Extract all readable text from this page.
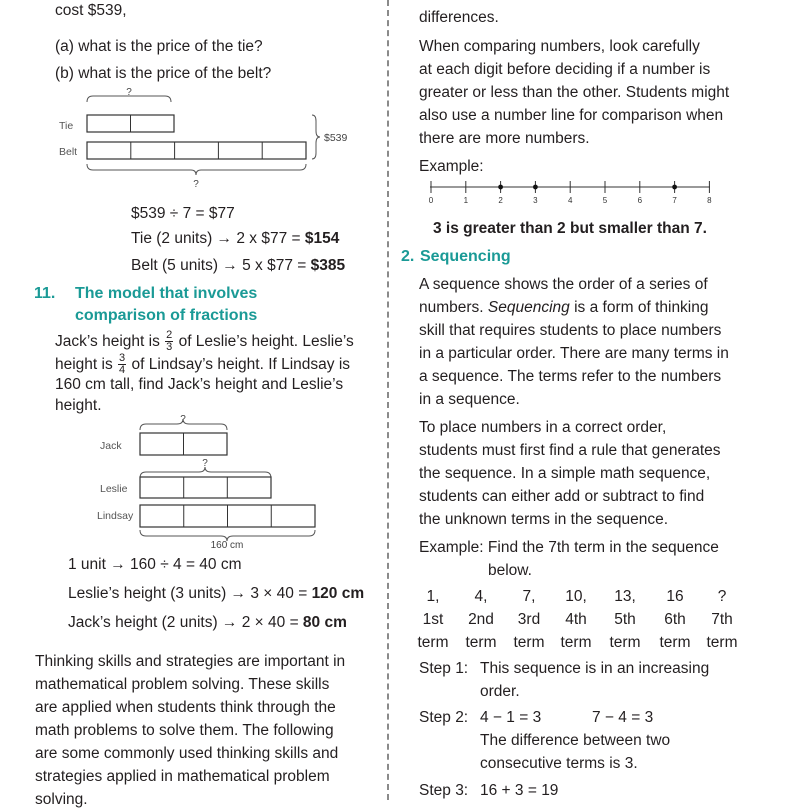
cost $539,
(a) what is the price of the tie?
(b) what is the price of the belt?
?
Tie
Belt
$539
?
$539 ÷ 7 = $77
Tie (2 units) → 2 x $77 = $154
Belt (5 units) → 5 x $77 = $385
11. The model that involves
comparison of fractions
Jack’s height is $\frac{2}{3}$ of Leslie’s height. Leslie’s
height is $\frac{3}{4}$ of Lindsay’s height. If Lindsay is
160 cm tall, find Jack’s height and Leslie’s
height.
?
Jack
?
Leslie
Lindsay
160 cm
1 unit → 160 ÷ 4 = 40 cm
Leslie’s height (3 units) → 3 × 40 = 120 cm
Jack’s height (2 units) → 2 × 40 = 80 cm
Thinking skills and strategies are important in
mathematical problem solving. These skills
are applied when students think through the
math problems to solve them. The following
are some commonly used thinking skills and
strategies applied in mathematical problem
solving.
differences.
When comparing numbers, look carefully
at each digit before deciding if a number is
greater or less than the other. Students might
also use a number line for comparison when
there are more numbers.
Example:
0	1	2	3	4	5	6	7	8
3 is greater than 2 but smaller than 7.
2. Sequencing
A sequence shows the order of a series of
numbers. Sequencing is a form of thinking
skill that requires students to place numbers
in a particular order. There are many terms in
a sequence. The terms refer to the numbers
in a sequence.
To place numbers in a correct order,
students must first find a rule that generates
the sequence. In a simple math sequence,
students can either add or subtract to find
the unknown terms in the sequence.
Example: Find the 7th term in the sequence
below.
1,	4,	7,	10,	13,	16	?
1st	2nd	3rd	4th	5th	6th	7th
term	term	term	term	term	term	term
Step 1: This sequence is in an increasing
order.
Step 2: 4 − 1 = 3	7 − 4 = 3
The difference between two
consecutive terms is 3.
Step 3: 16 + 3 = 19
